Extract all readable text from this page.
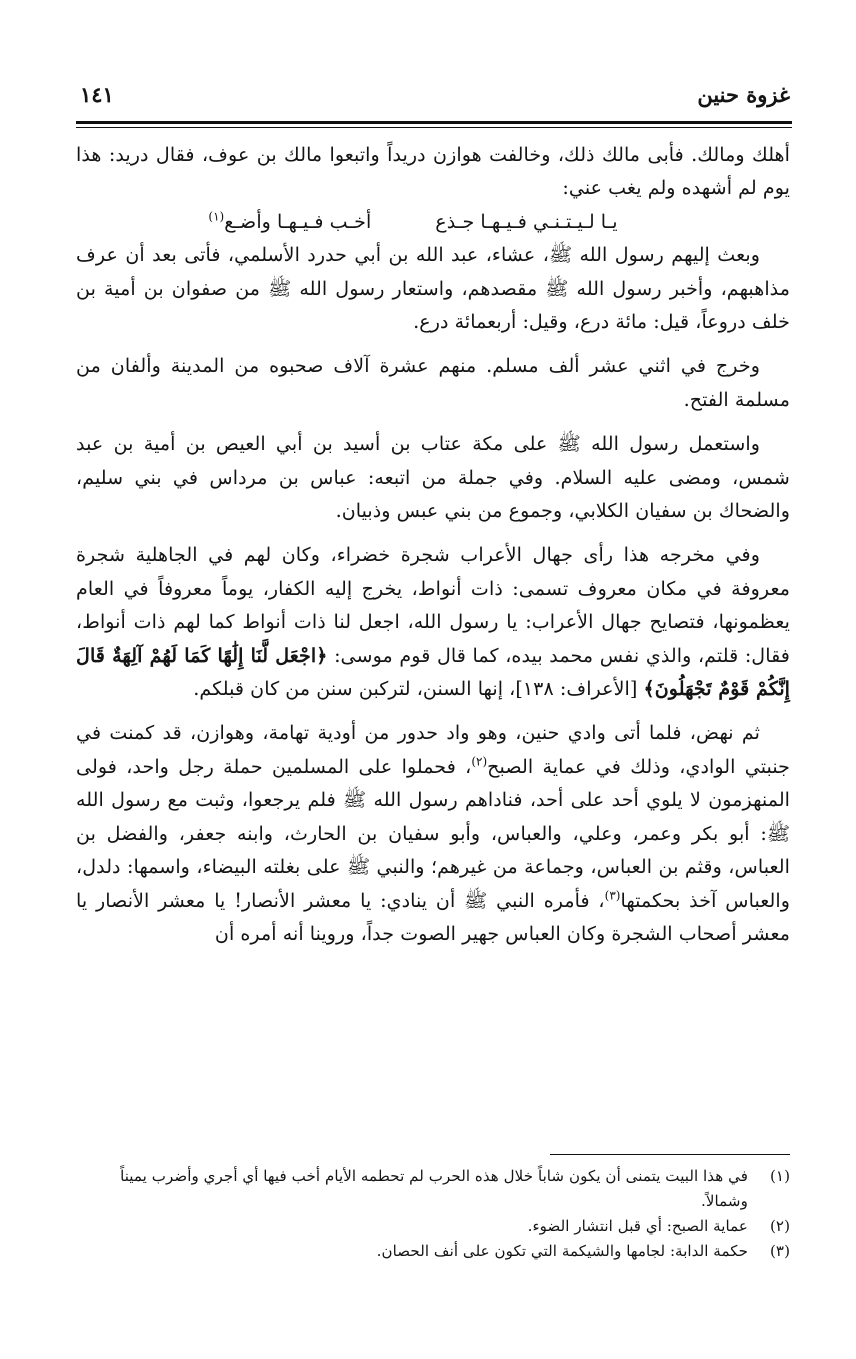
غزوة حنين
١٤١

أهلك ومالك. فأبى مالك ذلك، وخالفت هوازن دريداً واتبعوا مالك بن عوف، فقال دريد: هذا يوم لم أشهده ولم يغب عني:

يـا لـيـتـنـي فـيـهـا جـذع
أخـب فـيـهـا وأضـع$^{(١)}$

وبعث إليهم رسول الله ﷺ، عشاء، عبد الله بن أبي حدرد الأسلمي، فأتى بعد أن عرف مذاهبهم، وأخبر رسول الله ﷺ مقصدهم، واستعار رسول الله ﷺ من صفوان بن أمية بن خلف دروعاً، قيل: مائة درع، وقيل: أربعمائة درع.

وخرج في اثني عشر ألف مسلم. منهم عشرة آلاف صحبوه من المدينة وألفان من مسلمة الفتح.

واستعمل رسول الله ﷺ على مكة عتاب بن أسيد بن أبي العيص بن أمية بن عبد شمس، ومضى عليه السلام. وفي جملة من اتبعه: عباس بن مرداس في بني سليم، والضحاك بن سفيان الكلابي، وجموع من بني عبس وذبيان.

وفي مخرجه هذا رأى جهال الأعراب شجرة خضراء، وكان لهم في الجاهلية شجرة معروفة في مكان معروف تسمى: ذات أنواط، يخرج إليه الكفار، يوماً معروفاً في العام يعظمونها، فتصايح جهال الأعراب: يا رسول الله، اجعل لنا ذات أنواط كما لهم ذات أنواط، فقال: قلتم، والذي نفس محمد بيده، كما قال قوم موسى: ﴿اجْعَل لَّنَا إِلَٰهًا كَمَا لَهُمْ آلِهَةٌ قَالَ إِنَّكُمْ قَوْمٌ تَجْهَلُونَ﴾ [الأعراف: ١٣٨]، إنها السنن، لتركبن سنن من كان قبلكم.

ثم نهض، فلما أتى وادي حنين، وهو واد حدور من أودية تهامة، وهوازن، قد كمنت في جنبتي الوادي، وذلك في عماية الصبح$^{(٢)}$، فحملوا على المسلمين حملة رجل واحد، فولى المنهزمون لا يلوي أحد على أحد، فناداهم رسول الله ﷺ فلم يرجعوا، وثبت مع رسول الله ﷺ: أبو بكر وعمر، وعلي، والعباس، وأبو سفيان بن الحارث، وابنه جعفر، والفضل بن العباس، وقثم بن العباس، وجماعة من غيرهم؛ والنبي ﷺ على بغلته البيضاء، واسمها: دلدل، والعباس آخذ بحكمتها$^{(٣)}$، فأمره النبي ﷺ أن ينادي: يا معشر الأنصار! يا معشر الأنصار يا معشر أصحاب الشجرة وكان العباس جهير الصوت جداً، وروينا أنه أمره أن

(١)
في هذا البيت يتمنى أن يكون شاباً خلال هذه الحرب لم تحطمه الأيام أخب فيها أي أجري وأضرب يميناً وشمالاً.
(٢)
عماية الصبح: أي قبل انتشار الضوء.
(٣)
حكمة الدابة: لجامها والشيكمة التي تكون على أنف الحصان.
